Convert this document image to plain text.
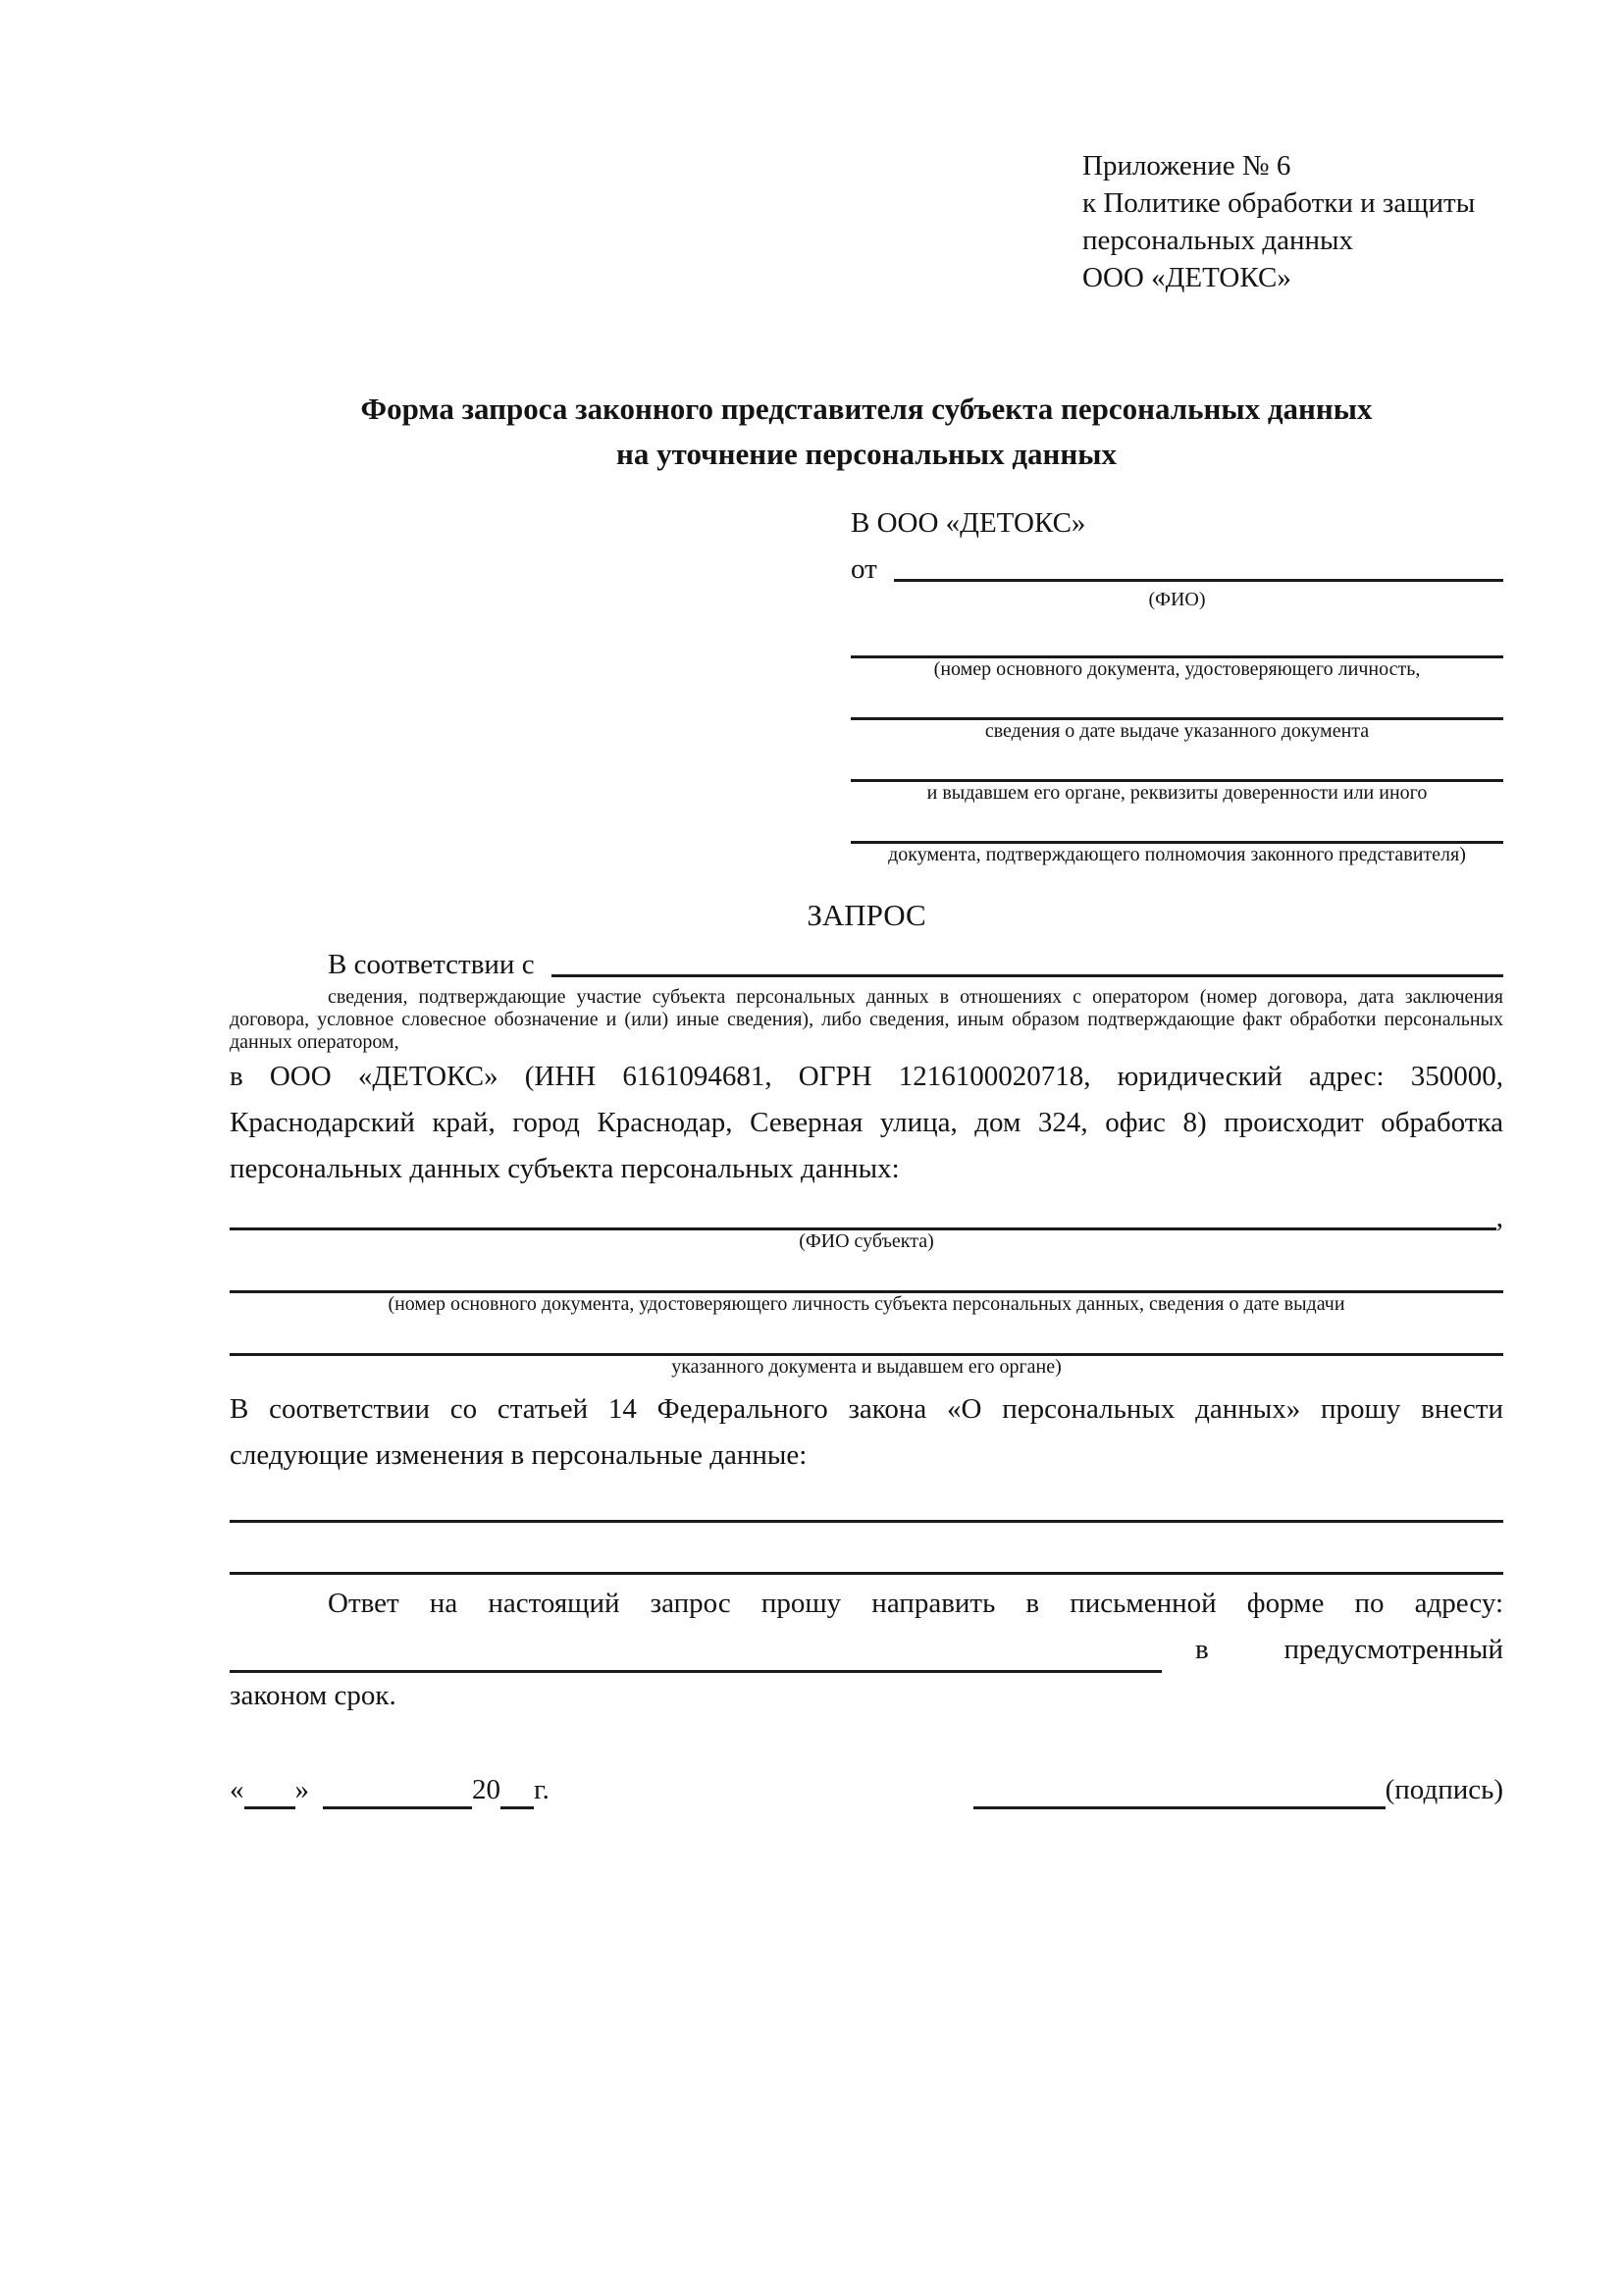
Приложение № 6
к Политике обработки и защиты
персональных данных
ООО «ДЕТОКС»
Форма запроса законного представителя субъекта персональных данных
на уточнение персональных данных
В ООО «ДЕТОКС»
от
(ФИО)
(номер основного документа, удостоверяющего личность,
сведения о дате выдаче указанного документа
и выдавшем его органе, реквизиты доверенности или иного
документа, подтверждающего полномочия законного представителя)
ЗАПРОС
В соответствии с
сведения, подтверждающие участие субъекта персональных данных в отношениях с оператором (номер договора, дата заключения договора, условное словесное обозначение и (или) иные сведения), либо сведения, иным образом подтверждающие факт обработки персональных данных оператором,

в ООО «ДЕТОКС» (ИНН 6161094681, ОГРН 1216100020718, юридический адрес: 350000, Краснодарский край, город Краснодар, Северная улица, дом 324, офис 8) происходит обработка персональных данных субъекта персональных данных:

,
(ФИО субъекта)
(номер основного документа, удостоверяющего личность субъекта персональных данных, сведения о дате выдачи
указанного документа и выдавшем его органе)

В соответствии со статьей 14 Федерального закона «О персональных данных» прошу внести следующие изменения в персональные данные:

Ответ на настоящий запрос прошу направить в письменной форме по адресу:
в	предусмотренный
законом срок.
« »	20 г.	(подпись)
